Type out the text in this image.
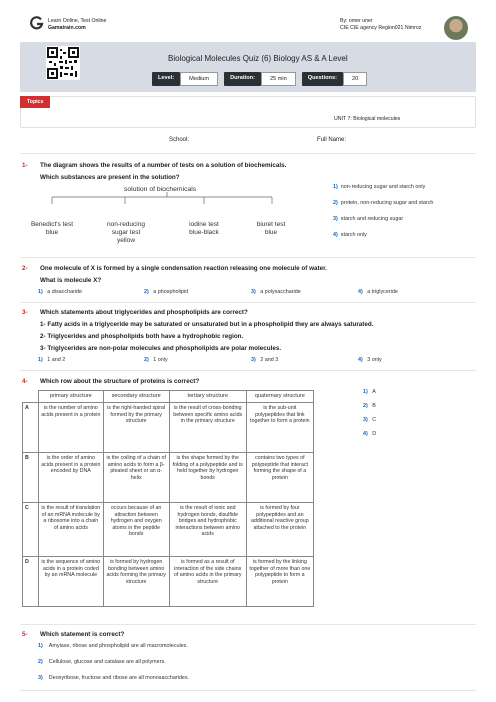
Learn Online, Test Online
Gamatrain.com
By: omer uner
CIE CIE agency Region021 Nimroz
Biological Molecules Quiz (6) Biology AS & A Level
Level:	Medium	Duration:	25 min	Questions:	20
Topics
UNIT 7: Biological molecules
School:	Full Name:
1- The diagram shows the results of a number of tests on a solution of biochemicals.
Which substances are present in the solution?
solution of biochemicals
Benedict's test
blue
non-reducing
sugar test
yellow
iodine test
blue-black
biuret test
blue
1) non-reducing sugar and starch only
2) protein, non-reducing sugar and starch
3) starch and reducing sugar
4) starch only
2- One molecule of X is formed by a single condensation reaction releasing one molecule of water.
What is molecule X?
1) a disaccharide	2) a phospholipid	3) a polysaccharide	4) a triglyceride
3- Which statements about triglycerides and phospholipids are correct?
1- Fatty acids in a triglyceride may be saturated or unsaturated but in a phospholipid they are always saturated.
2- Triglycerides and phospholipids both have a hydrophobic region.
3- Triglycerides are non-polar molecules and phospholipids are polar molecules.
1) 1 and 2	2) 1 only	3) 2 and 3	4) 3 only
4- Which row about the structure of proteins is correct?
	primary structure	secondary structure	tertiary structure	quaternary structure
A	is the number of amino acids present in a protein	is the right-handed spiral formed by the primary structure	is the result of cross-bonding between specific amino acids in the primary structure	is the sub-unit polypeptides that link together to form a protein
B	is the order of amino acids present in a protein encoded by DNA	is the coiling of a chain of amino acids to form a β-pleated sheet or an α-helix	is the shape formed by the folding of a polypeptide and is held together by hydrogen bonds	contains two types of polypeptide that interact forming the shape of a protein
C	is the result of translation of an mRNA molecule by a ribosome into a chain of amino acids	occurs because of an attraction between hydrogen and oxygen atoms in the peptide bonds	is the result of ionic and hydrogen bonds, disulfide bridges and hydrophobic interactions between amino acids	is formed by four polypeptides and an additional reactive group attached to the protein
D	is the sequence of amino acids in a protein coded by an mRNA molecule	is formed by hydrogen bonding between amino acids forming the primary structure	is formed as a result of interaction of the side chains of amino acids in the primary structure	is formed by the linking together of more than one polypeptide to form a protein
1) A
2) B
3) C
4) D
5- Which statement is correct?
1) Amylase, ribose and phospholipid are all macromolecules.
2) Cellulose, glucose and catalase are all polymers.
3) Deoxyribose, fructose and ribose are all monosaccharides.
